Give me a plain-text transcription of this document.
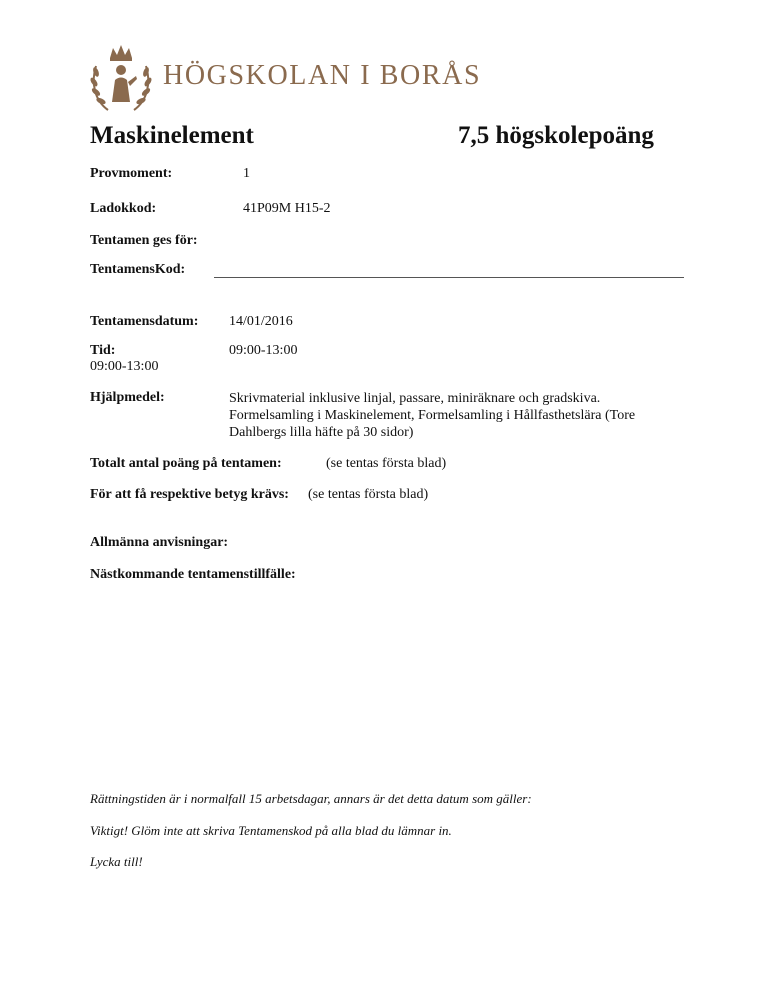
HÖGSKOLAN I BORÅS
Maskinelement	7,5 högskolepoäng
Provmoment:	1
Ladokkod:	41P09M H15-2
Tentamen ges för:
TentamensKod:
Tentamensdatum: 14/01/2016
Tid:
09:00-13:00
09:00-13:00
Hjälpmedel:	Skrivmaterial inklusive linjal, passare, miniräknare och gradskiva.
Formelsamling i Maskinelement, Formelsamling i Hållfasthetslära (Tore
Dahlbergs lilla häfte på 30 sidor)
Totalt antal poäng på tentamen:	(se tentas första blad)
För att få respektive betyg krävs: (se tentas första blad)
Allmänna anvisningar:
Nästkommande tentamenstillfälle:
Rättningstiden är i normalfall 15 arbetsdagar, annars är det detta datum som gäller:
Viktigt! Glöm inte att skriva Tentamenskod på alla blad du lämnar in.
Lycka till!
